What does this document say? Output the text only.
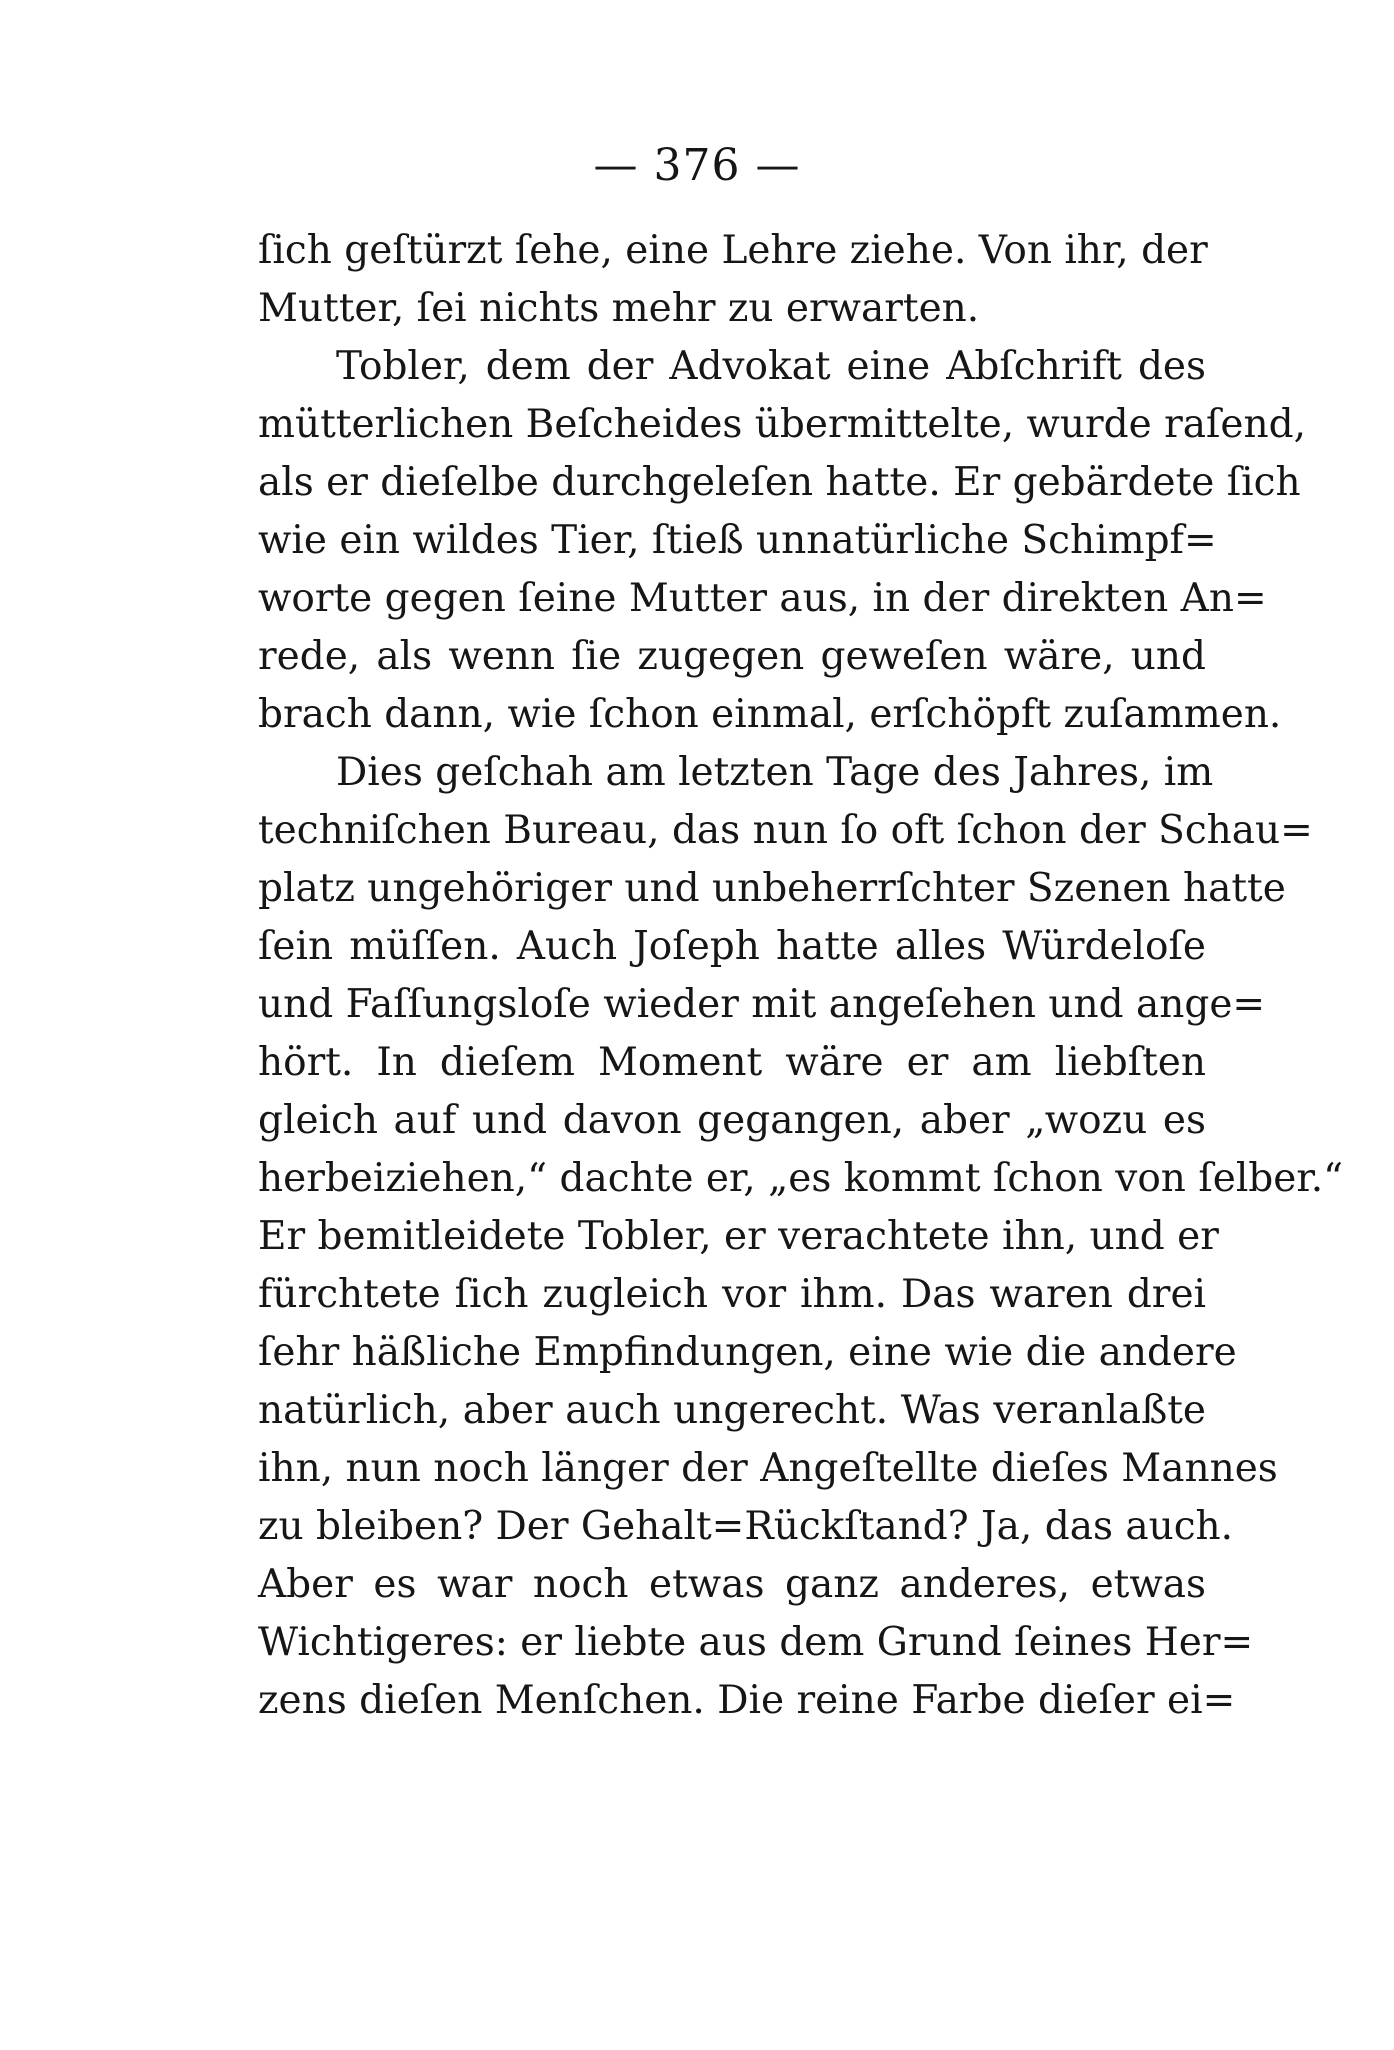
— 376 —
ſich geſtürzt ſehe, eine Lehre ziehe. Von ihr, der
Mutter, ſei nichts mehr zu erwarten.
Tobler, dem der Advokat eine Abſchrift des
mütterlichen Beſcheides übermittelte, wurde raſend,
als er dieſelbe durchgeleſen hatte. Er gebärdete ſich
wie ein wildes Tier, ſtieß unnatürliche Schimpf=
worte gegen ſeine Mutter aus, in der direkten An=
rede, als wenn ſie zugegen geweſen wäre, und
brach dann, wie ſchon einmal, erſchöpft zuſammen.
Dies geſchah am letzten Tage des Jahres, im
techniſchen Bureau, das nun ſo oft ſchon der Schau=
platz ungehöriger und unbeherrſchter Szenen hatte
ſein müſſen. Auch Joſeph hatte alles Würdeloſe
und Faſſungsloſe wieder mit angeſehen und ange=
hört. In dieſem Moment wäre er am liebſten
gleich auf und davon gegangen, aber „wozu es
herbeiziehen,“ dachte er, „es kommt ſchon von ſelber.“
Er bemitleidete Tobler, er verachtete ihn, und er
fürchtete ſich zugleich vor ihm. Das waren drei
ſehr häßliche Empfindungen, eine wie die andere
natürlich, aber auch ungerecht. Was veranlaßte
ihn, nun noch länger der Angeſtellte dieſes Mannes
zu bleiben? Der Gehalt=Rückſtand? Ja, das auch.
Aber es war noch etwas ganz anderes, etwas
Wichtigeres: er liebte aus dem Grund ſeines Her=
zens dieſen Menſchen. Die reine Farbe dieſer ei=
